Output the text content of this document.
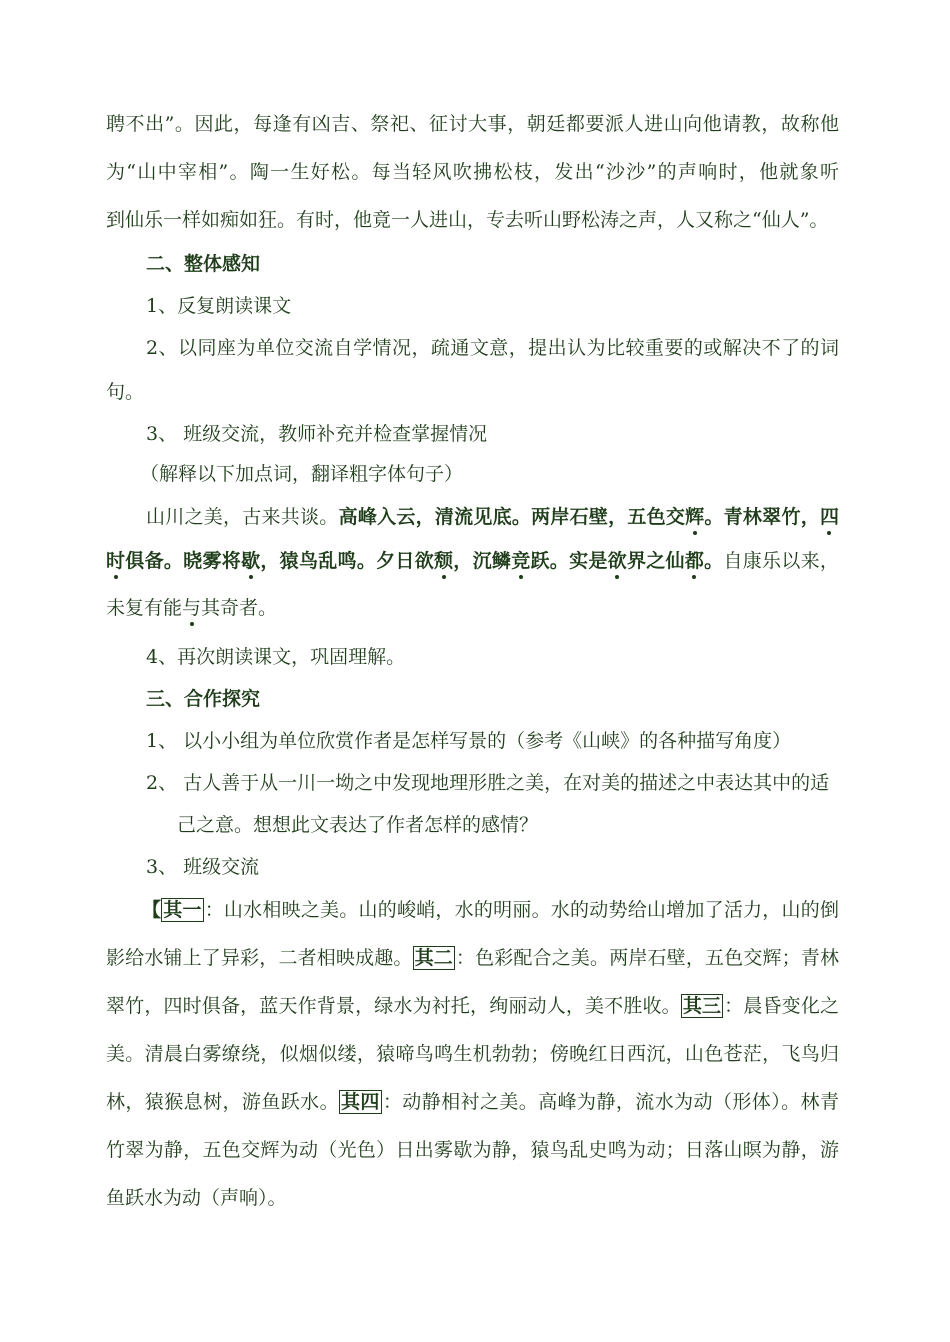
聘不出”。因此，每逢有凶吉、祭祀、征讨大事，朝廷都要派人进山向他请教，故称他
为“山中宰相”。陶一生好松。每当轻风吹拂松枝，发出“沙沙”的声响时，他就象听
到仙乐一样如痴如狂。有时，他竟一人进山，专去听山野松涛之声，人又称之“仙人”。
二、整体感知
1、反复朗读课文
2、以同座为单位交流自学情况，疏通文意，提出认为比较重要的或解决不了的词
句。
3、 班级交流，教师补充并检查掌握情况
（解释以下加点词，翻译粗字体句子）
山川之美，古来共谈。高峰入云，清流见底。两岸石壁，五色交辉。青林翠竹，四
时俱备。晓雾将歇，猿鸟乱鸣。夕日欲颓，沉鳞竞跃。实是欲界之仙都。自康乐以来，
未复有能与其奇者。
4、再次朗读课文，巩固理解。
三、合作探究
1、 以小小组为单位欣赏作者是怎样写景的（参考《山峡》的各种描写角度）
2、 古人善于从一川一坳之中发现地理形胜之美，在对美的描述之中表达其中的适
己之意。想想此文表达了作者怎样的感情？
3、 班级交流
【 其一 ：山水相映之美。山的峻峭，水的明丽。水的动势给山增加了活力，山的倒
影给水铺上了异彩，二者相映成趣。 其二 ：色彩配合之美。两岸石壁，五色交辉；青林
翠竹，四时俱备，蓝天作背景，绿水为衬托，绚丽动人，美不胜收。 其三 ：晨昏变化之
美。清晨白雾缭绕，似烟似缕，猿啼鸟鸣生机勃勃；傍晚红日西沉，山色苍茫，飞鸟归
林，猿猴息树，游鱼跃水。 其四 ：动静相衬之美。高峰为静，流水为动（形体）。林青
竹翠为静，五色交辉为动（光色）日出雾歇为静，猿鸟乱史鸣为动；日落山暝为静，游
鱼跃水为动（声响）。
